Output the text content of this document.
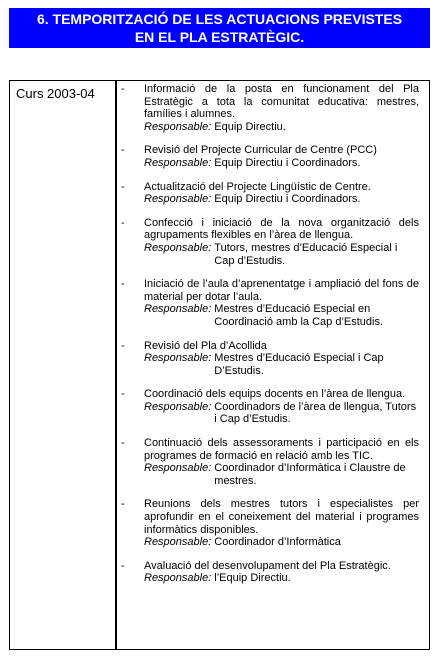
6. TEMPORITZACIÓ DE LES ACTUACIONS PREVISTES
EN EL PLA ESTRATÈGIC.
Curs 2003-04	-	Informació de la posta en funcionament del Pla Estratègic a tota la comunitat educativa: mestres, famílies i alumnes.
Responsable: Equip Directiu.
-	Revisió del Projecte Curricular de Centre (PCC)
Responsable: Equip Directiu i Coordinadors.
-	Actualització del Projecte Lingüístic de Centre.
Responsable: Equip Directiu i Coordinadors.
-	Confecció i iniciació de la nova organització dels agrupaments flexibles en l’àrea de llengua.
Responsable: Tutors, mestres d’Educació Especial i Cap d’Estudis.
-	Iniciació de l’aula d’aprenentatge i ampliació del fons de material per dotar l’aula.
Responsable: Mestres d’Educació Especial en Coordinació amb la Cap d’Estudis.
-	Revisió del Pla d’Acollida
Responsable: Mestres d’Educació Especial i Cap D’Estudis.
-	Coordinació dels equips docents en l’àrea de llengua.
Responsable: Coordinadors de l’àrea de llengua, Tutors i Cap d’Estudis.
-	Continuació dels assessoraments i participació en els programes de formació en relació amb les TIC.
Responsable: Coordinador d’Informàtica i Claustre de mestres.
-	Reunions dels mestres tutors i especialistes per aprofundir en el coneixement del material i programes informàtics disponibles.
Responsable: Coordinador d’Informàtica
-	Avaluació del desenvolupament del Pla Estratègic.
Responsable: l’Equip Directiu.
